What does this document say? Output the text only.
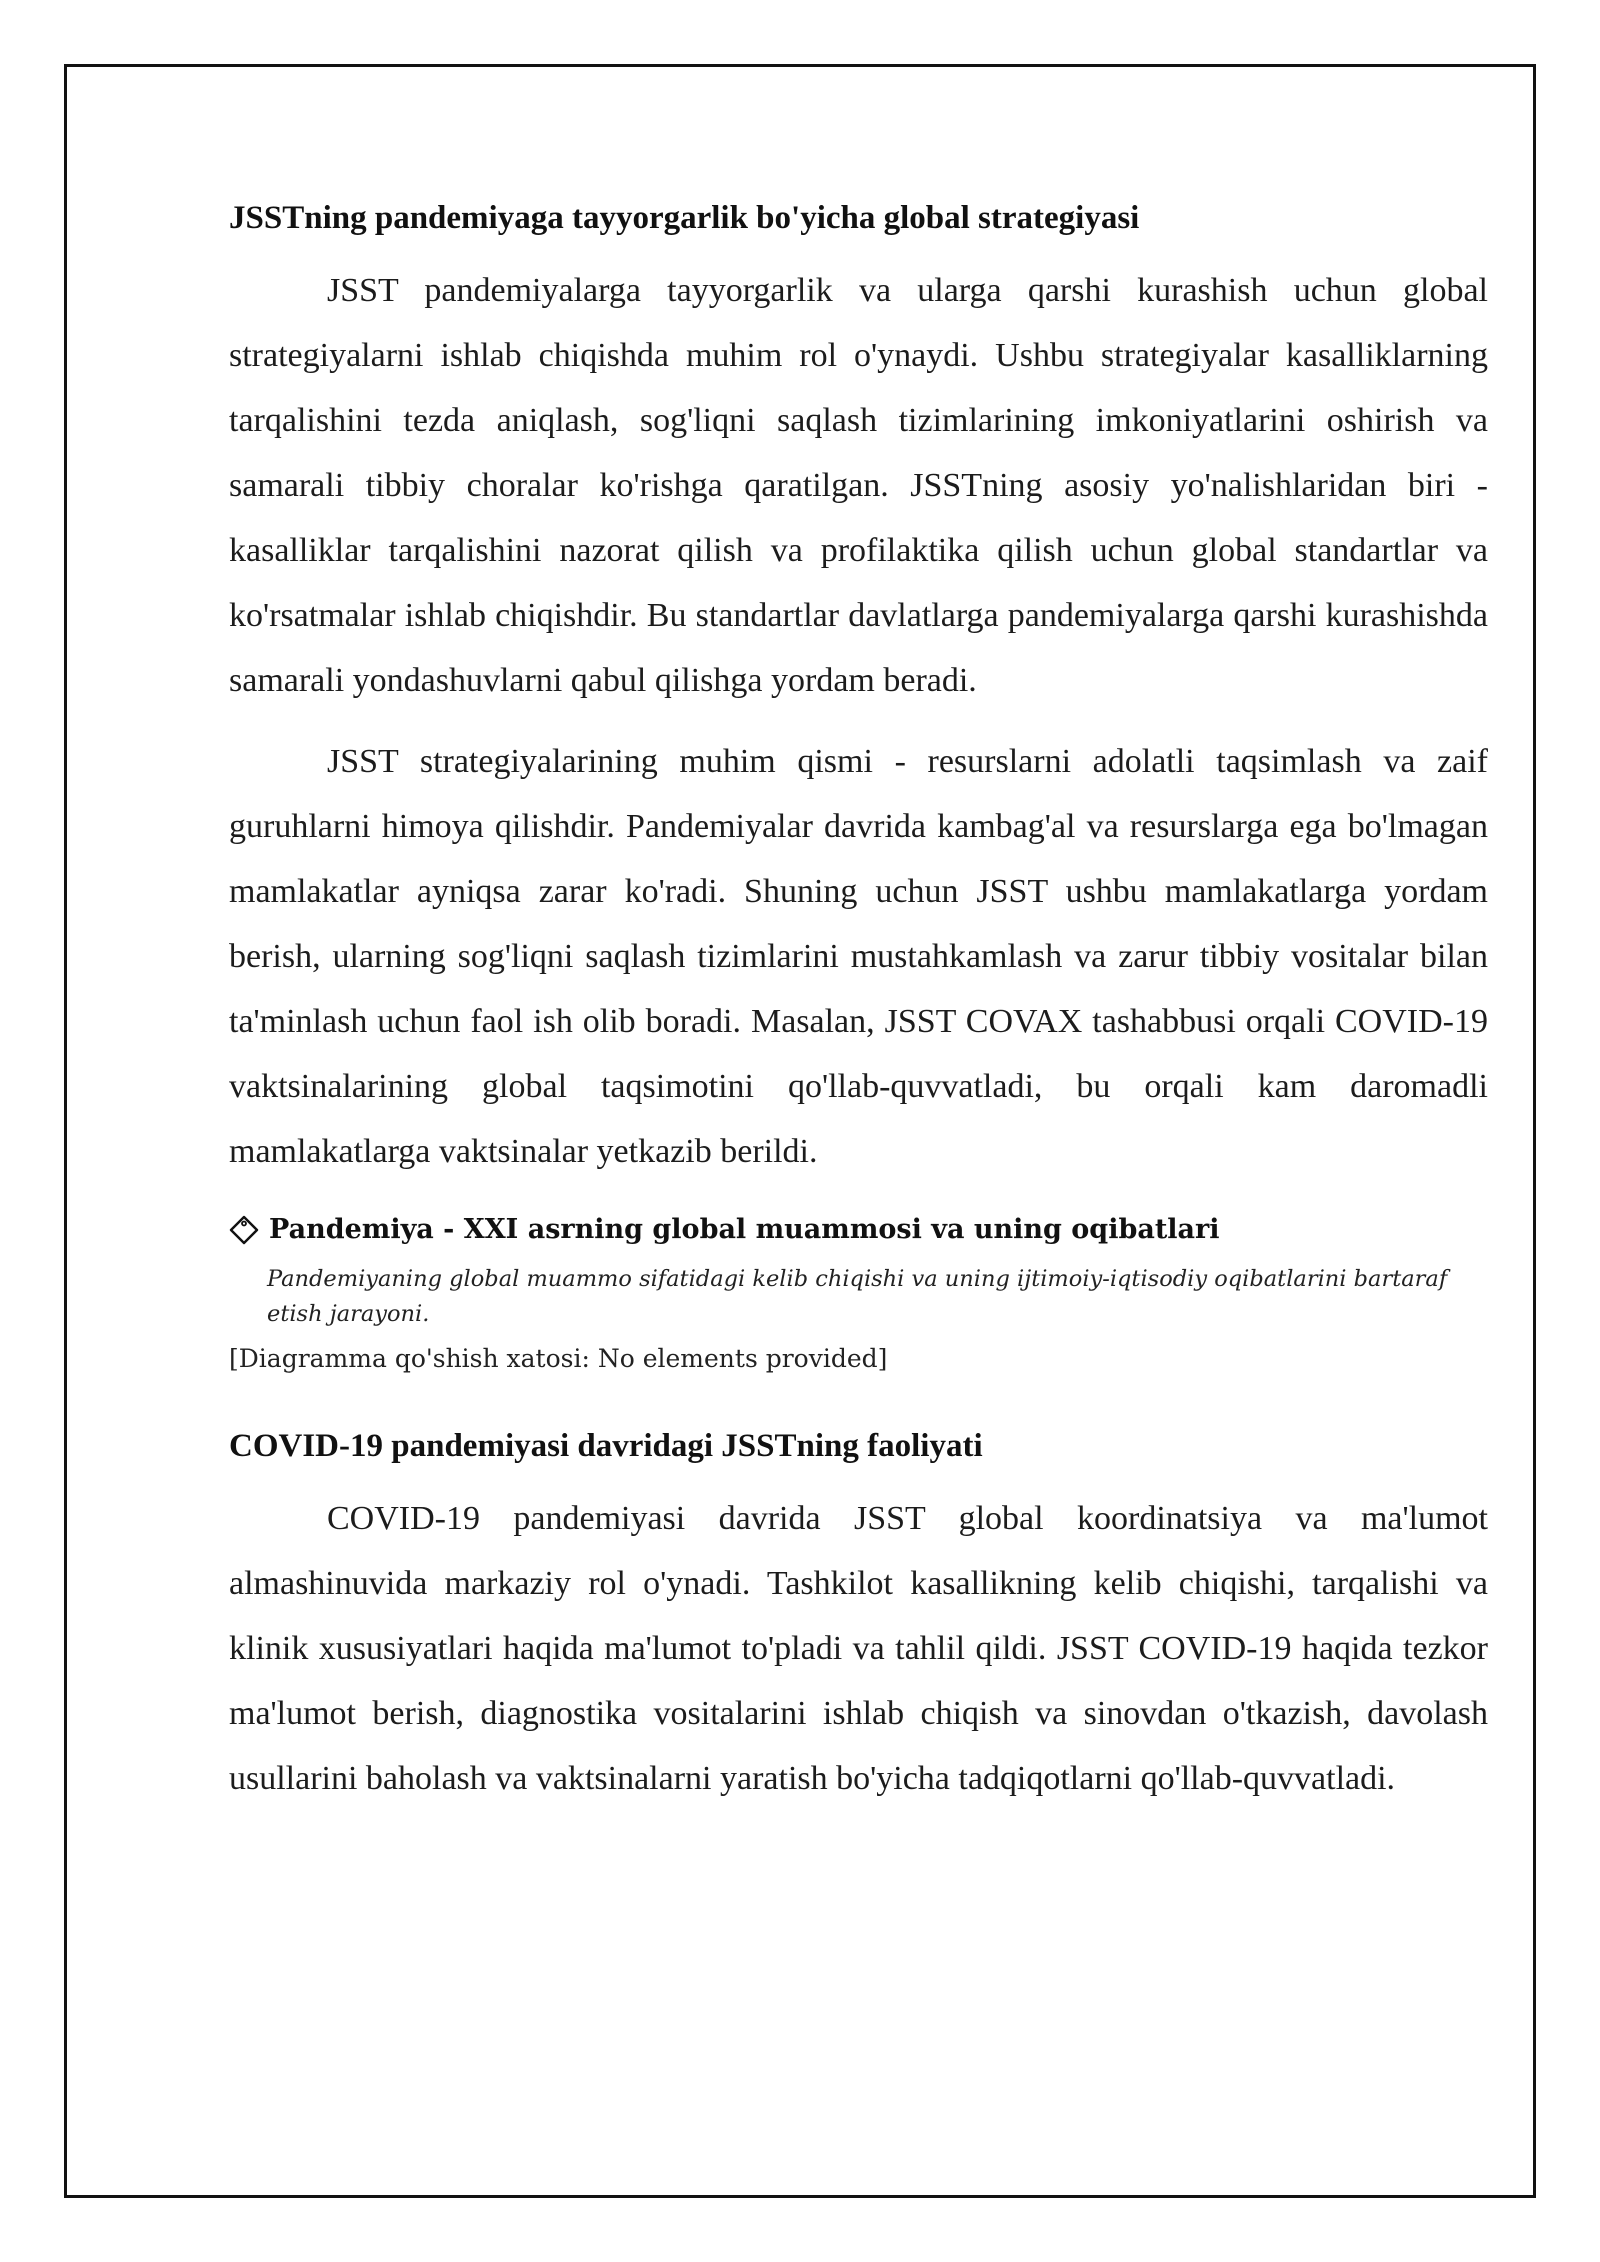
JSSTning pandemiyaga tayyorgarlik bo'yicha global strategiyasi

JSST pandemiyalarga tayyorgarlik va ularga qarshi kurashish uchun global strategiyalarni ishlab chiqishda muhim rol o'ynaydi. Ushbu strategiyalar kasalliklarning tarqalishini tezda aniqlash, sog'liqni saqlash tizimlarining imkoniyatlarini oshirish va samarali tibbiy choralar ko'rishga qaratilgan. JSSTning asosiy yo'nalishlaridan biri - kasalliklar tarqalishini nazorat qilish va profilaktika qilish uchun global standartlar va ko'rsatmalar ishlab chiqishdir. Bu standartlar davlatlarga pandemiyalarga qarshi kurashishda samarali yondashuvlarni qabul qilishga yordam beradi.

JSST strategiyalarining muhim qismi - resurslarni adolatli taqsimlash va zaif guruhlarni himoya qilishdir. Pandemiyalar davrida kambag'al va resurslarga ega bo'lmagan mamlakatlar ayniqsa zarar ko'radi. Shuning uchun JSST ushbu mamlakatlarga yordam berish, ularning sog'liqni saqlash tizimlarini mustahkamlash va zarur tibbiy vositalar bilan ta'minlash uchun faol ish olib boradi. Masalan, JSST COVAX tashabbusi orqali COVID-19 vaktsinalarining global taqsimotini qo'llab-quvvatladi, bu orqali kam daromadli mamlakatlarga vaktsinalar yetkazib berildi.

Pandemiya - XXI asrning global muammosi va uning oqibatlari
Pandemiyaning global muammo sifatidagi kelib chiqishi va uning ijtimoiy-iqtisodiy oqibatlarini bartaraf etish jarayoni.
[Diagramma qo'shish xatosi: No elements provided]
COVID-19 pandemiyasi davridagi JSSTning faoliyati

COVID-19 pandemiyasi davrida JSST global koordinatsiya va ma'lumot almashinuvida markaziy rol o'ynadi. Tashkilot kasallikning kelib chiqishi, tarqalishi va klinik xususiyatlari haqida ma'lumot to'pladi va tahlil qildi. JSST COVID-19 haqida tezkor ma'lumot berish, diagnostika vositalarini ishlab chiqish va sinovdan o'tkazish, davolash usullarini baholash va vaktsinalarni yaratish bo'yicha tadqiqotlarni qo'llab-quvvatladi.
